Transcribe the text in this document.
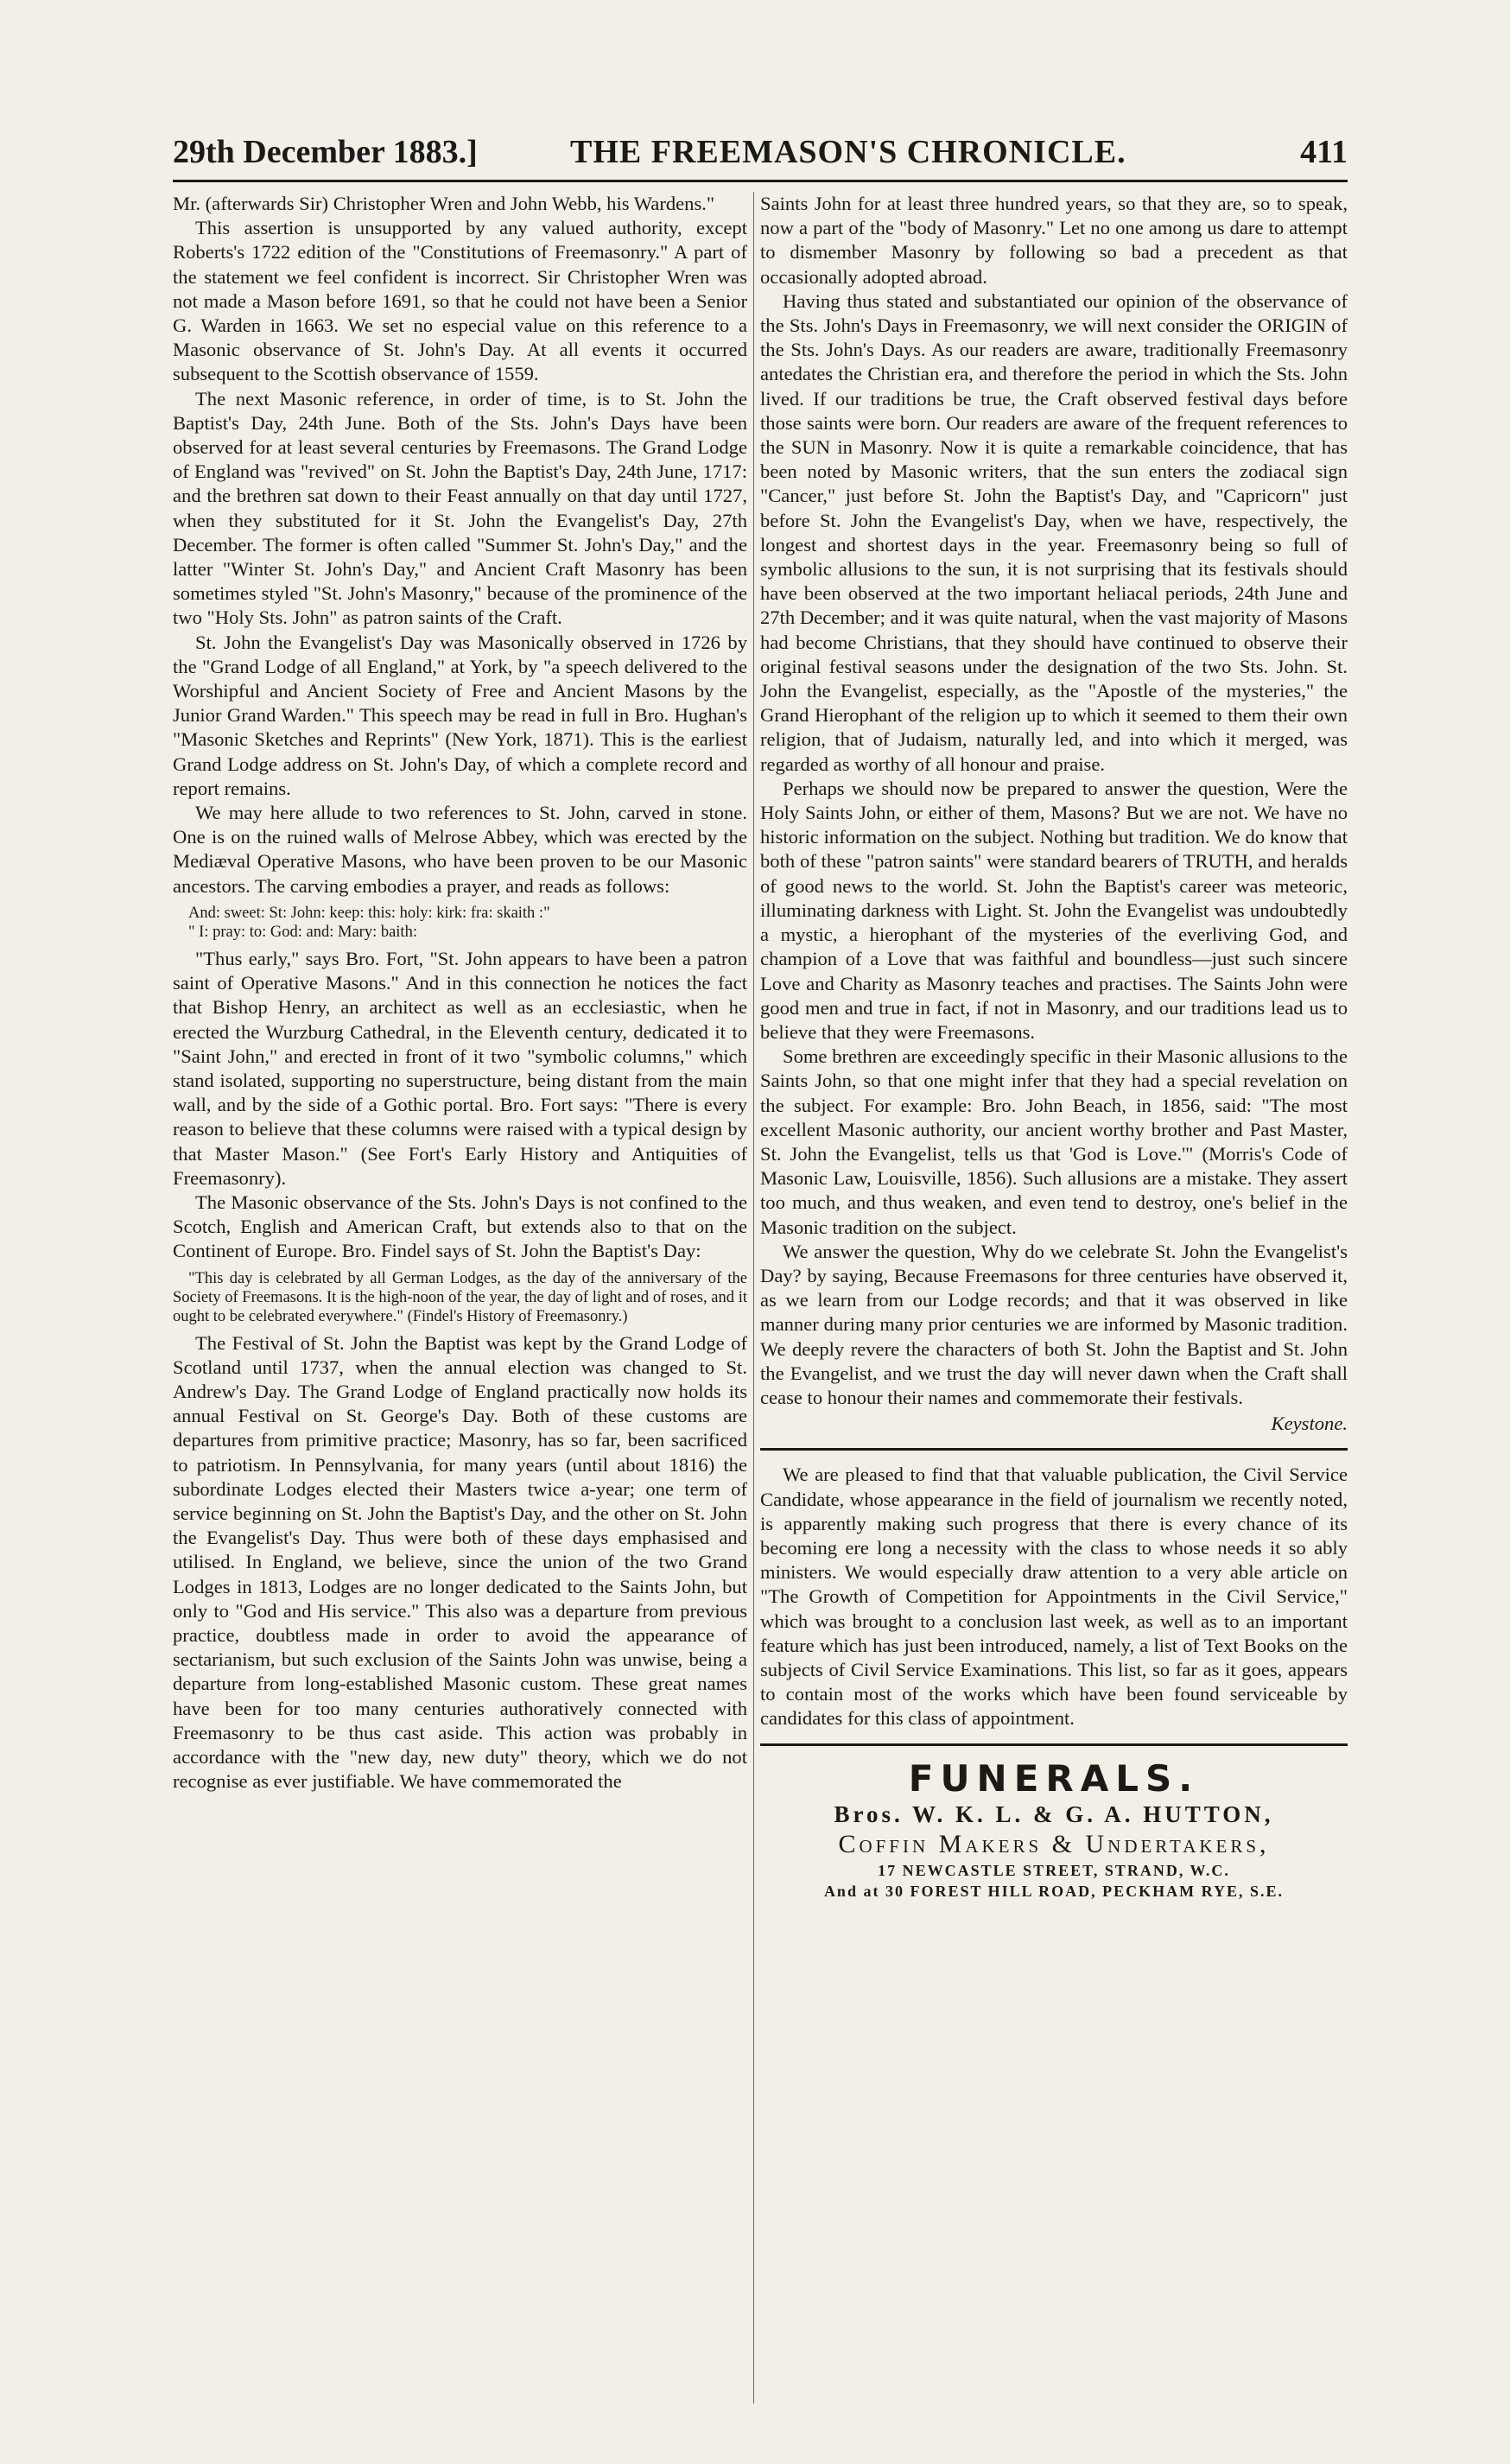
29th December 1883.]	THE FREEMASON'S CHRONICLE.	411

Mr. (afterwards Sir) Christopher Wren and John Webb, his Wardens."

This assertion is unsupported by any valued authority, except Roberts's 1722 edition of the "Constitutions of Freemasonry." A part of the statement we feel confident is incorrect. Sir Christopher Wren was not made a Mason before 1691, so that he could not have been a Senior G. Warden in 1663. We set no especial value on this reference to a Masonic observance of St. John's Day. At all events it occurred subsequent to the Scottish observance of 1559.

The next Masonic reference, in order of time, is to St. John the Baptist's Day, 24th June. Both of the Sts. John's Days have been observed for at least several centuries by Freemasons. The Grand Lodge of England was "revived" on St. John the Baptist's Day, 24th June, 1717: and the brethren sat down to their Feast annually on that day until 1727, when they substituted for it St. John the Evangelist's Day, 27th December. The former is often called "Summer St. John's Day," and the latter "Winter St. John's Day," and Ancient Craft Masonry has been sometimes styled "St. John's Masonry," because of the prominence of the two "Holy Sts. John" as patron saints of the Craft.

St. John the Evangelist's Day was Masonically observed in 1726 by the "Grand Lodge of all England," at York, by "a speech delivered to the Worshipful and Ancient Society of Free and Ancient Masons by the Junior Grand Warden." This speech may be read in full in Bro. Hughan's "Masonic Sketches and Reprints" (New York, 1871). This is the earliest Grand Lodge address on St. John's Day, of which a complete record and report remains.

We may here allude to two references to St. John, carved in stone. One is on the ruined walls of Melrose Abbey, which was erected by the Mediæval Operative Masons, who have been proven to be our Masonic ancestors. The carving embodies a prayer, and reads as follows:

And: sweet: St: John: keep: this: holy: kirk: fra: skaith :"

" I: pray: to: God: and: Mary: baith:

"Thus early," says Bro. Fort, "St. John appears to have been a patron saint of Operative Masons." And in this connection he notices the fact that Bishop Henry, an architect as well as an ecclesiastic, when he erected the Wurzburg Cathedral, in the Eleventh century, dedicated it to "Saint John," and erected in front of it two "symbolic columns," which stand isolated, supporting no superstructure, being distant from the main wall, and by the side of a Gothic portal. Bro. Fort says: "There is every reason to believe that these columns were raised with a typical design by that Master Mason." (See Fort's Early History and Antiquities of Freemasonry).

The Masonic observance of the Sts. John's Days is not confined to the Scotch, English and American Craft, but extends also to that on the Continent of Europe. Bro. Findel says of St. John the Baptist's Day:

"This day is celebrated by all German Lodges, as the day of the anniversary of the Society of Freemasons. It is the high-noon of the year, the day of light and of roses, and it ought to be celebrated everywhere." (Findel's History of Freemasonry.)

The Festival of St. John the Baptist was kept by the Grand Lodge of Scotland until 1737, when the annual election was changed to St. Andrew's Day. The Grand Lodge of England practically now holds its annual Festival on St. George's Day. Both of these customs are departures from primitive practice; Masonry, has so far, been sacrificed to patriotism. In Pennsylvania, for many years (until about 1816) the subordinate Lodges elected their Masters twice a-year; one term of service beginning on St. John the Baptist's Day, and the other on St. John the Evangelist's Day. Thus were both of these days emphasised and utilised. In England, we believe, since the union of the two Grand Lodges in 1813, Lodges are no longer dedicated to the Saints John, but only to "God and His service." This also was a departure from previous practice, doubtless made in order to avoid the appearance of sectarianism, but such exclusion of the Saints John was unwise, being a departure from long-established Masonic custom. These great names have been for too many centuries authoratively connected with Freemasonry to be thus cast aside. This action was probably in accordance with the "new day, new duty" theory, which we do not recognise as ever justifiable. We have commemorated the

Saints John for at least three hundred years, so that they are, so to speak, now a part of the "body of Masonry." Let no one among us dare to attempt to dismember Masonry by following so bad a precedent as that occasionally adopted abroad.

Having thus stated and substantiated our opinion of the observance of the Sts. John's Days in Freemasonry, we will next consider the ORIGIN of the Sts. John's Days. As our readers are aware, traditionally Freemasonry antedates the Christian era, and therefore the period in which the Sts. John lived. If our traditions be true, the Craft observed festival days before those saints were born. Our readers are aware of the frequent references to the SUN in Masonry. Now it is quite a remarkable coincidence, that has been noted by Masonic writers, that the sun enters the zodiacal sign "Cancer," just before St. John the Baptist's Day, and "Capricorn" just before St. John the Evangelist's Day, when we have, respectively, the longest and shortest days in the year. Freemasonry being so full of symbolic allusions to the sun, it is not surprising that its festivals should have been observed at the two important heliacal periods, 24th June and 27th December; and it was quite natural, when the vast majority of Masons had become Christians, that they should have continued to observe their original festival seasons under the designation of the two Sts. John. St. John the Evangelist, especially, as the "Apostle of the mysteries," the Grand Hierophant of the religion up to which it seemed to them their own religion, that of Judaism, naturally led, and into which it merged, was regarded as worthy of all honour and praise.

Perhaps we should now be prepared to answer the question, Were the Holy Saints John, or either of them, Masons? But we are not. We have no historic information on the subject. Nothing but tradition. We do know that both of these "patron saints" were standard bearers of TRUTH, and heralds of good news to the world. St. John the Baptist's career was meteoric, illuminating darkness with Light. St. John the Evangelist was undoubtedly a mystic, a hierophant of the mysteries of the everliving God, and champion of a Love that was faithful and boundless—just such sincere Love and Charity as Masonry teaches and practises. The Saints John were good men and true in fact, if not in Masonry, and our traditions lead us to believe that they were Freemasons.

Some brethren are exceedingly specific in their Masonic allusions to the Saints John, so that one might infer that they had a special revelation on the subject. For example: Bro. John Beach, in 1856, said: "The most excellent Masonic authority, our ancient worthy brother and Past Master, St. John the Evangelist, tells us that 'God is Love.'" (Morris's Code of Masonic Law, Louisville, 1856). Such allusions are a mistake. They assert too much, and thus weaken, and even tend to destroy, one's belief in the Masonic tradition on the subject.

We answer the question, Why do we celebrate St. John the Evangelist's Day? by saying, Because Freemasons for three centuries have observed it, as we learn from our Lodge records; and that it was observed in like manner during many prior centuries we are informed by Masonic tradition. We deeply revere the characters of both St. John the Baptist and St. John the Evangelist, and we trust the day will never dawn when the Craft shall cease to honour their names and commemorate their festivals.

Keystone.

We are pleased to find that that valuable publication, the Civil Service Candidate, whose appearance in the field of journalism we recently noted, is apparently making such progress that there is every chance of its becoming ere long a necessity with the class to whose needs it so ably ministers. We would especially draw attention to a very able article on "The Growth of Competition for Appointments in the Civil Service," which was brought to a conclusion last week, as well as to an important feature which has just been introduced, namely, a list of Text Books on the subjects of Civil Service Examinations. This list, so far as it goes, appears to contain most of the works which have been found serviceable by candidates for this class of appointment.

FUNERALS.
Bros. W. K. L. & G. A. HUTTON,
Coffin Makers & Undertakers,
17 NEWCASTLE STREET, STRAND, W.C.
And at 30 FOREST HILL ROAD, PECKHAM RYE, S.E.
